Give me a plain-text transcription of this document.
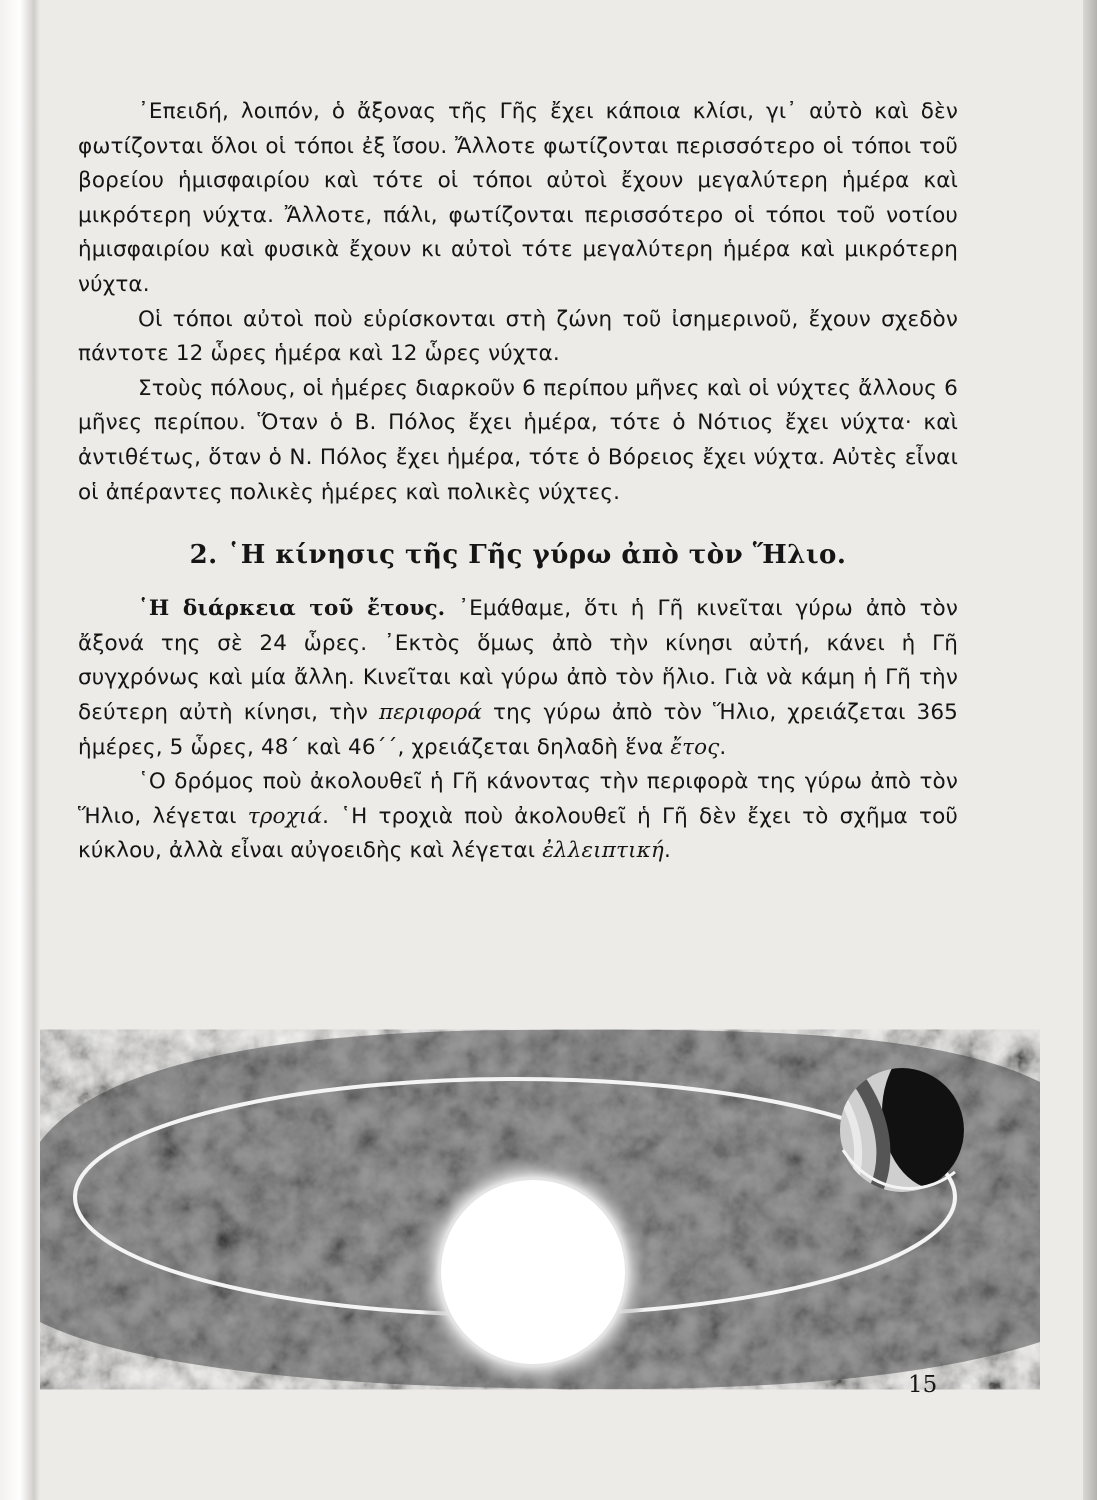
᾿Επειδή, λοιπόν, ὁ ἄξονας τῆς Γῆς ἔχει κάποια κλίσι, γι᾿ αὐτὸ καὶ δὲν φωτίζονται ὅλοι οἱ τόποι ἐξ ἴσου. Ἄλλοτε φωτίζονται περισσότερο οἱ τόποι τοῦ βορείου ἡμισφαιρίου καὶ τότε οἱ τόποι αὐτοὶ ἔχουν μεγαλύτερη ἡμέρα καὶ μικρότερη νύχτα. Ἄλλοτε, πάλι, φωτίζονται περισσότερο οἱ τόποι τοῦ νοτίου ἡμισφαιρίου καὶ φυσικὰ ἔχουν κι αὐτοὶ τότε μεγαλύτερη ἡμέρα καὶ μικρότερη νύχτα.

Οἱ τόποι αὐτοὶ ποὺ εὑρίσκονται στὴ ζώνη τοῦ ἰσημερινοῦ, ἔχουν σχεδὸν πάντοτε 12 ὧρες ἡμέρα καὶ 12 ὧρες νύχτα.

Στοὺς πόλους, οἱ ἡμέρες διαρκοῦν 6 περίπου μῆνες καὶ οἱ νύχτες ἄλλους 6 μῆνες περίπου. Ὅταν ὁ Β. Πόλος ἔχει ἡμέρα, τότε ὁ Νότιος ἔχει νύχτα· καὶ ἀντιθέτως, ὅταν ὁ Ν. Πόλος ἔχει ἡμέρα, τότε ὁ Βόρειος ἔχει νύχτα. Αὐτὲς εἶναι οἱ ἀπέραντες πολικὲς ἡμέρες καὶ πολικὲς νύχτες.

2. ῾Η κίνησις τῆς Γῆς γύρω ἀπὸ τὸν Ἥλιο.

῾Η διάρκεια τοῦ ἔτους. ᾿Εμάθαμε, ὅτι ἡ Γῆ κινεῖται γύρω ἀπὸ τὸν ἄξονά της σὲ 24 ὧρες. ᾿Εκτὸς ὅμως ἀπὸ τὴν κίνησι αὐτή, κάνει ἡ Γῆ συγχρόνως καὶ μία ἄλλη. Κινεῖται καὶ γύρω ἀπὸ τὸν ἥλιο. Γιὰ νὰ κάμη ἡ Γῆ τὴν δεύτερη αὐτὴ κίνησι, τὴν περιφορά της γύρω ἀπὸ τὸν Ἥλιο, χρειάζεται 365 ἡμέρες, 5 ὧρες, 48΄ καὶ 46΄΄, χρειάζεται δηλαδὴ ἕνα ἔτος.

῾Ο δρόμος ποὺ ἀκολουθεῖ ἡ Γῆ κάνοντας τὴν περιφορὰ της γύρω ἀπὸ τὸν Ἥλιο, λέγεται τροχιά. ῾Η τροχιὰ ποὺ ἀκολουθεῖ ἡ Γῆ δὲν ἔχει τὸ σχῆμα τοῦ κύκλου, ἀλλὰ εἶναι αὐγοειδὴς καὶ λέγεται ἐλλειπτική.

15
